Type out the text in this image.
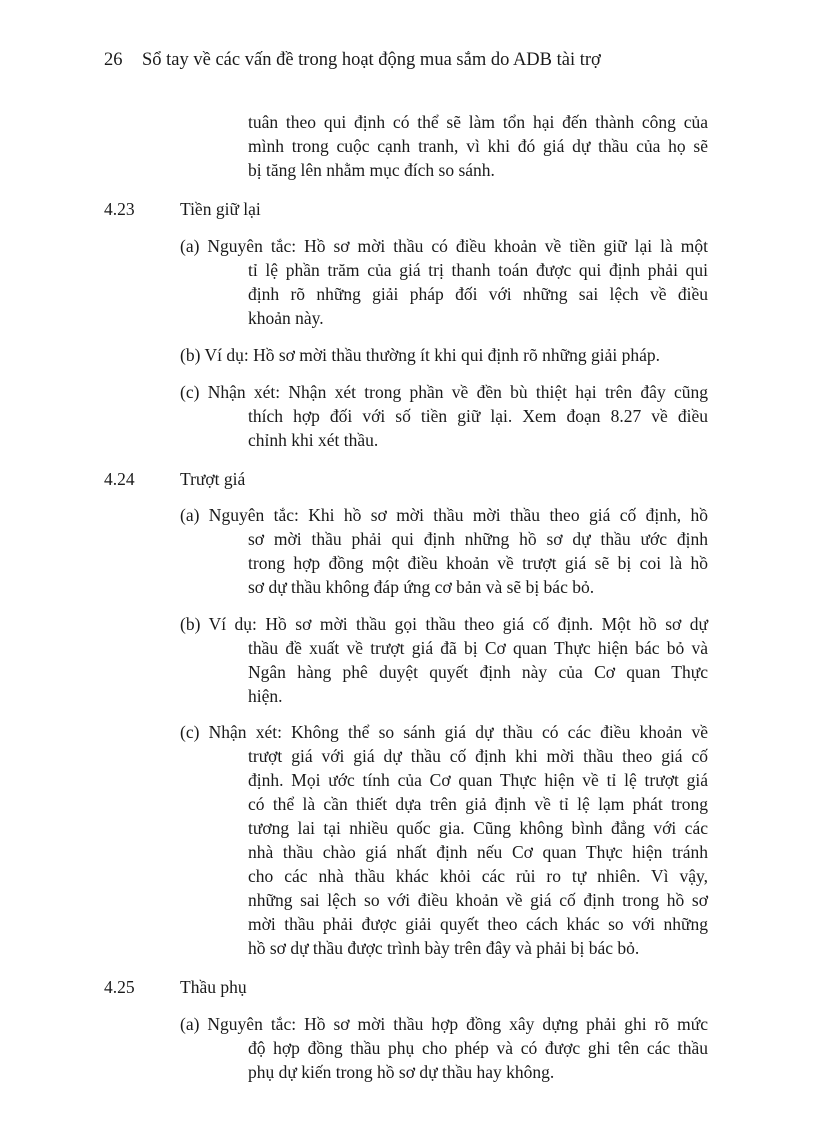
26 Sổ tay về các vấn đề trong hoạt động mua sắm do ADB tài trợ
tuân theo qui định có thể sẽ làm tổn hại đến thành công của
mình trong cuộc cạnh tranh, vì khi đó giá dự thầu của họ sẽ
bị tăng lên nhằm mục đích so sánh.
4.23	Tiền giữ lại
(a) Nguyên tắc: Hồ sơ mời thầu có điều khoản về tiền giữ lại là một
tỉ lệ phần trăm của giá trị thanh toán được qui định phải qui
định rõ những giải pháp đối với những sai lệch về điều
khoản này.
(b) Ví dụ: Hồ sơ mời thầu thường ít khi qui định rõ những giải pháp.
(c) Nhận xét: Nhận xét trong phần về đền bù thiệt hại trên đây cũng
thích hợp đối với số tiền giữ lại. Xem đoạn 8.27 về điều
chỉnh khi xét thầu.
4.24	Trượt giá
(a) Nguyên tắc: Khi hồ sơ mời thầu mời thầu theo giá cố định, hồ
sơ mời thầu phải qui định những hồ sơ dự thầu ước định
trong hợp đồng một điều khoản về trượt giá sẽ bị coi là hồ
sơ dự thầu không đáp ứng cơ bản và sẽ bị bác bỏ.
(b) Ví dụ: Hồ sơ mời thầu gọi thầu theo giá cố định. Một hồ sơ dự
thầu đề xuất về trượt giá đã bị Cơ quan Thực hiện bác bỏ và
Ngân hàng phê duyệt quyết định này của Cơ quan Thực
hiện.
(c) Nhận xét: Không thể so sánh giá dự thầu có các điều khoản về
trượt giá với giá dự thầu cố định khi mời thầu theo giá cố
định. Mọi ước tính của Cơ quan Thực hiện về tỉ lệ trượt giá
có thể là cần thiết dựa trên giả định về tỉ lệ lạm phát trong
tương lai tại nhiều quốc gia. Cũng không bình đẳng với các
nhà thầu chào giá nhất định nếu Cơ quan Thực hiện tránh
cho các nhà thầu khác khỏi các rủi ro tự nhiên. Vì vậy,
những sai lệch so với điều khoản về giá cố định trong hồ sơ
mời thầu phải được giải quyết theo cách khác so với những
hồ sơ dự thầu được trình bày trên đây và phải bị bác bỏ.
4.25	Thầu phụ
(a) Nguyên tắc: Hồ sơ mời thầu hợp đồng xây dựng phải ghi rõ mức
độ hợp đồng thầu phụ cho phép và có được ghi tên các thầu
phụ dự kiến trong hồ sơ dự thầu hay không.
